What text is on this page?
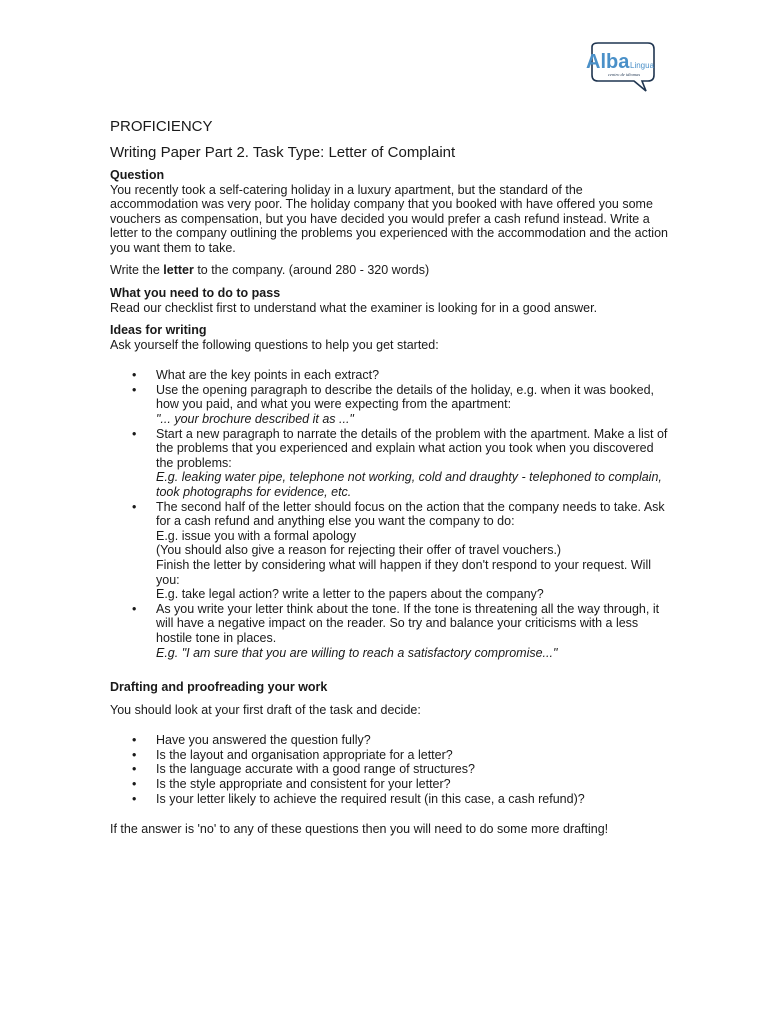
Alba Lingua
centro de idiomas
PROFICIENCY
Writing Paper Part 2. Task Type: Letter of Complaint
Question

You recently took a self-catering holiday in a luxury apartment, but the standard of the accommodation was very poor. The holiday company that you booked with have offered you some vouchers as compensation, but you have decided you would prefer a cash refund instead. Write a letter to the company outlining the problems you experienced with the accommodation and the action you want them to take.

Write the letter to the company. (around 280 - 320 words)

What you need to do to pass

Read our checklist first to understand what the examiner is looking for in a good answer.

Ideas for writing

Ask yourself the following questions to help you get started:

• What are the key points in each extract?
• Use the opening paragraph to describe the details of the holiday, e.g. when it was booked, how you paid, and what you were expecting from the apartment:
"... your brochure described it as ..."
• Start a new paragraph to narrate the details of the problem with the apartment. Make a list of the problems that you experienced and explain what action you took when you discovered the problems:
E.g. leaking water pipe, telephone not working, cold and draughty - telephoned to complain, took photographs for evidence, etc.
• The second half of the letter should focus on the action that the company needs to take. Ask for a cash refund and anything else you want the company to do:
E.g. issue you with a formal apology
(You should also give a reason for rejecting their offer of travel vouchers.)
Finish the letter by considering what will happen if they don't respond to your request. Will you:
E.g. take legal action? write a letter to the papers about the company?
• As you write your letter think about the tone. If the tone is threatening all the way through, it will have a negative impact on the reader. So try and balance your criticisms with a less hostile tone in places.
E.g. "I am sure that you are willing to reach a satisfactory compromise..."
Drafting and proofreading your work

You should look at your first draft of the task and decide:

• Have you answered the question fully?
• Is the layout and organisation appropriate for a letter?
• Is the language accurate with a good range of structures?
• Is the style appropriate and consistent for your letter?
• Is your letter likely to achieve the required result (in this case, a cash refund)?

If the answer is 'no' to any of these questions then you will need to do some more drafting!
